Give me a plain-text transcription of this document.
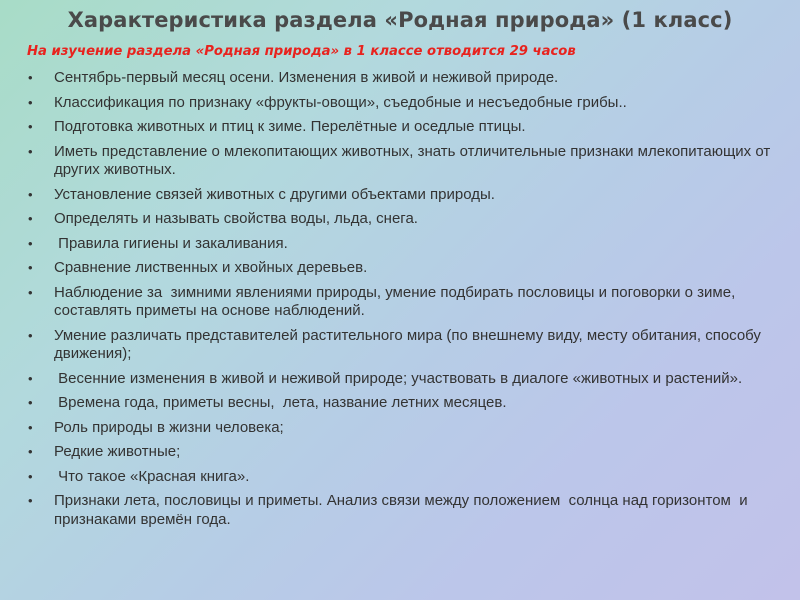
Характеристика раздела «Родная природа» (1 класс)
На изучение раздела «Родная природа» в 1 классе отводится 29 часов
• Сентябрь-первый месяц осени. Изменения в живой и неживой природе.
• Классификация по признаку «фрукты-овощи», съедобные и несъедобные грибы..
• Подготовка животных и птиц к зиме. Перелётные и оседлые птицы.
• Иметь представление о млекопитающих животных, знать отличительные признаки млекопитающих от других животных.
• Установление связей животных с другими объектами природы.
• Определять и называть свойства воды, льда, снега.
• Правила гигиены и закаливания.
• Сравнение лиственных и хвойных деревьев.
• Наблюдение за  зимними явлениями природы, умение подбирать пословицы и поговорки о зиме, составлять приметы на основе наблюдений.
• Умение различать представителей растительного мира (по внешнему виду, месту обитания, способу движения);
• Весенние изменения в живой и неживой природе; участвовать в диалоге «животных и растений».
• Времена года, приметы весны,  лета, название летних месяцев.
• Роль природы в жизни человека;
• Редкие животные;
• Что такое «Красная книга».
• Признаки лета, пословицы и приметы. Анализ связи между положением  солнца над горизонтом  и признаками времён года.
